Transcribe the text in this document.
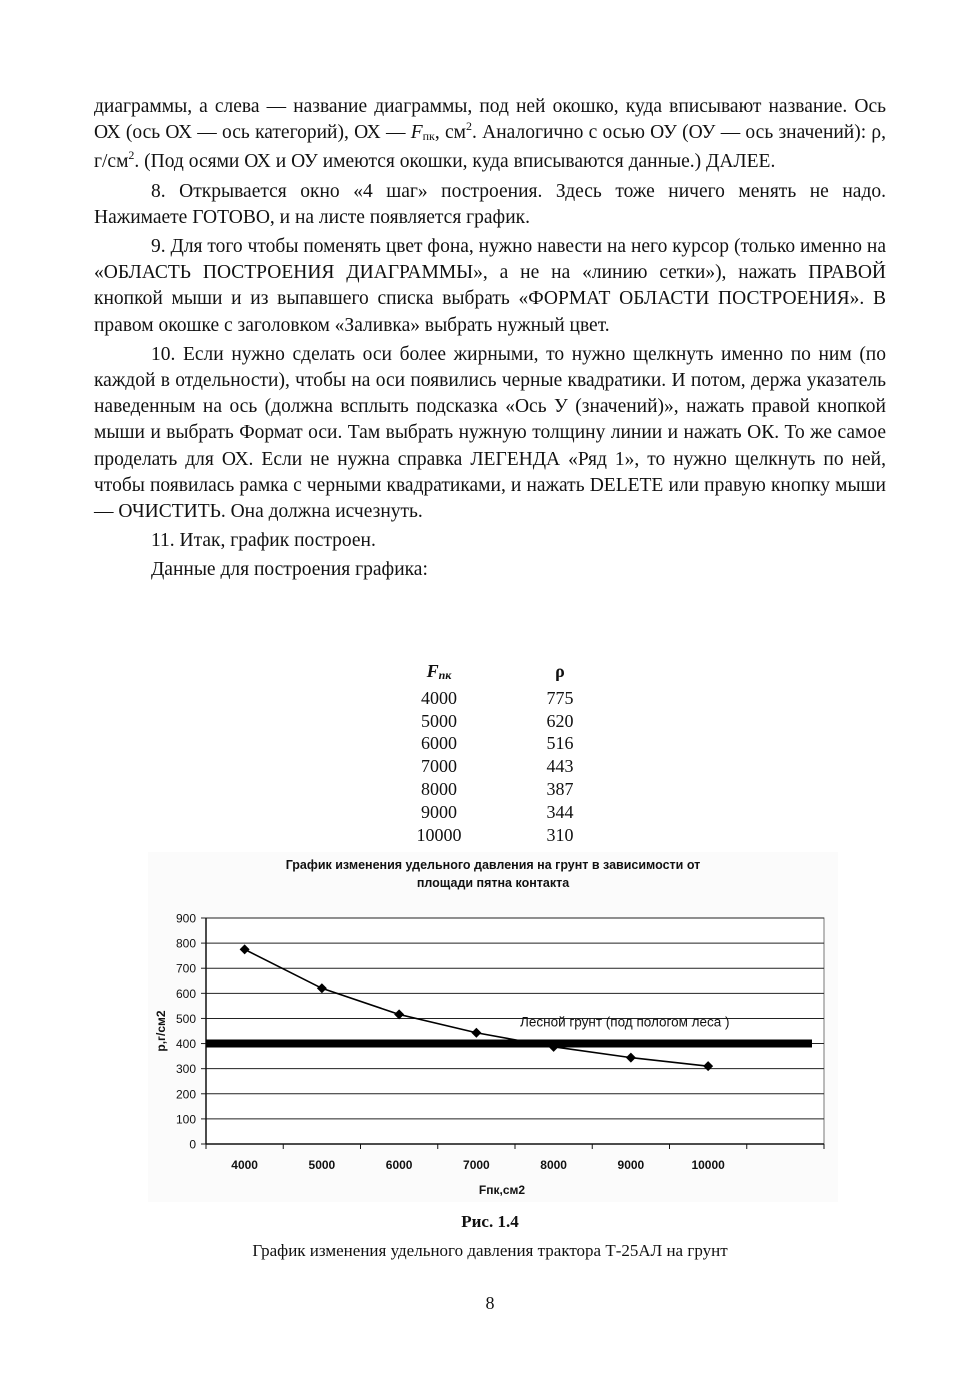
диаграммы, а слева — название диаграммы, под ней окошко, куда вписывают название. Ось ОХ (ось ОХ — ось категорий), ОХ — $F_{пк}$, $см^2$. Аналогично с осью ОУ (ОУ — ось значений): ρ, $г/см^2$. (Под осями ОХ и ОУ имеются окошки, куда вписываются данные.) ДАЛЕЕ.

8. Открывается окно «4 шаг» построения. Здесь тоже ничего менять не надо. Нажимаете ГОТОВО, и на листе появляется график.

9. Для того чтобы поменять цвет фона, нужно навести на него курсор (только именно на «ОБЛАСТЬ ПОСТРОЕНИЯ ДИАГРАММЫ», а не на «линию сетки»), нажать ПРАВОЙ кнопкой мыши и из выпавшего списка выбрать «ФОРМАТ ОБЛАСТИ ПОСТРОЕНИЯ». В правом окошке с заголовком «Заливка» выбрать нужный цвет.

10. Если нужно сделать оси более жирными, то нужно щелкнуть именно по ним (по каждой в отдельности), чтобы на оси появились черные квадратики. И потом, держа указатель наведенным на ось (должна всплыть подсказка «Ось У (значений)», нажать правой кнопкой мыши и выбрать Формат оси. Там выбрать нужную толщину линии и нажать ОК. То же самое проделать для ОХ. Если не нужна справка ЛЕГЕНДА «Ряд 1», то нужно щелкнуть по ней, чтобы появилась рамка с черными квадратиками, и нажать DELETE или правую кнопку мыши — ОЧИСТИТЬ. Она должна исчезнуть.

11. Итак, график построен.

Данные для построения графика:

$F_{пк}$	ρ
4000	775
5000	620
6000	516
7000	443
8000	387
9000	344
10000	310
График изменения удельного давления на грунт в зависимости от
площади пятна контакта
0
100
200
300
400
500
600
700
800
900
4000	5000	6000	7000	8000	9000	10000
Лесной грунт (под пологом леса )
Fпк,см2
р,г/см2
Рис. 1.4
График изменения удельного давления трактора Т-25АЛ на грунт
8
